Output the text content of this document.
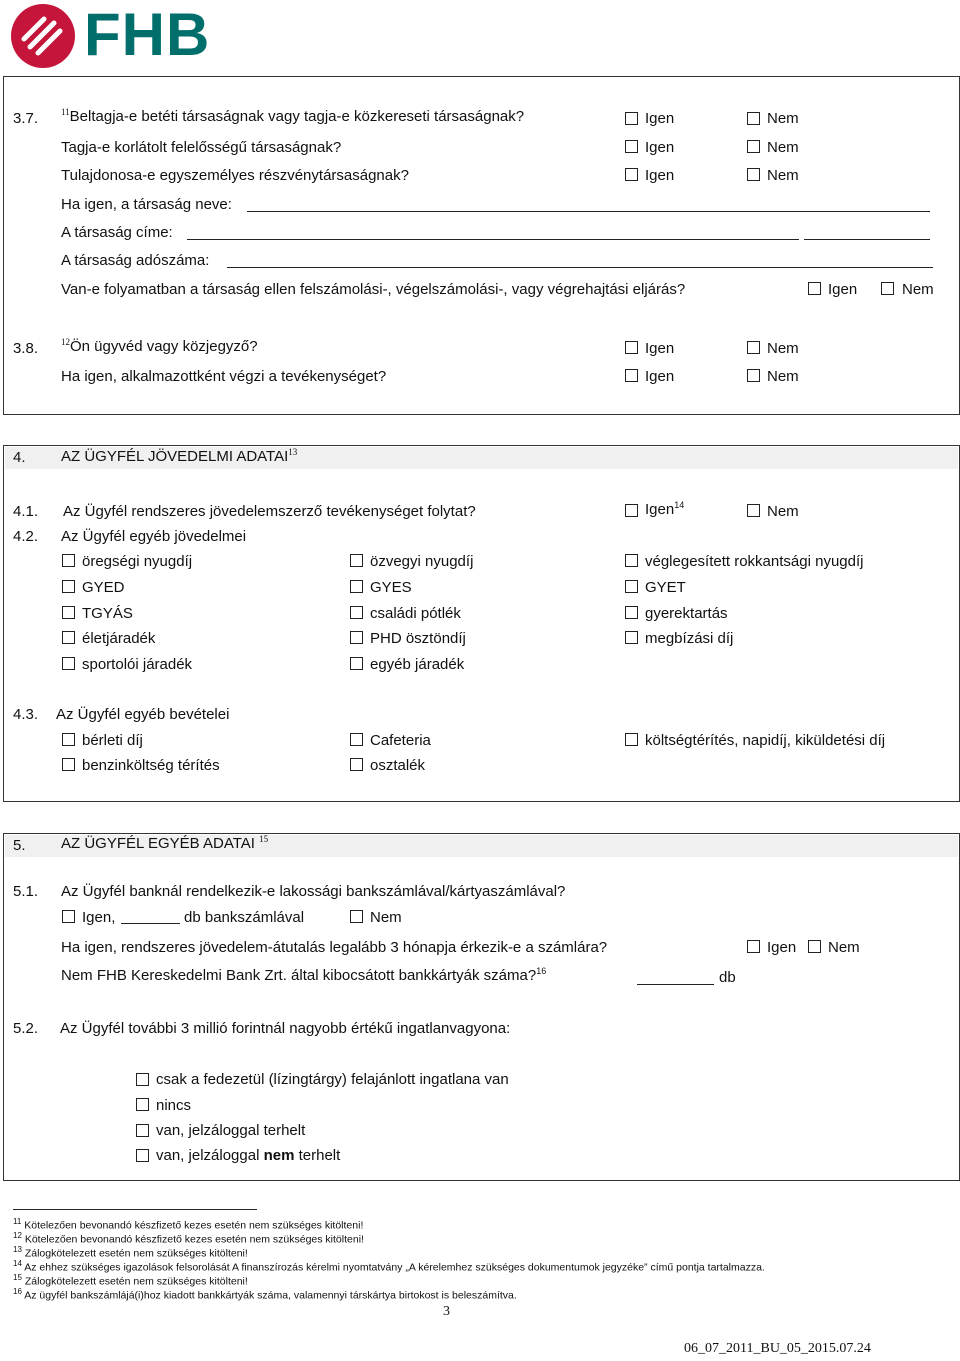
FHB
3.7.	$^{11}$Beltagja-e betéti társaságnak vagy tagja-e közkereseti társaságnak?	Igen	Nem
Tagja-e korlátolt felelősségű társaságnak?	Igen	Nem
Tulajdonosa-e egyszemélyes részvénytársaságnak?	Igen	Nem
Ha igen, a társaság neve:
A társaság címe:
A társaság adószáma:
Van-e folyamatban a társaság ellen felszámolási-, végelszámolási-, vagy végrehajtási eljárás?	Igen	Nem
3.8.	$^{12}$Ön ügyvéd vagy közjegyző?	Igen	Nem
Ha igen, alkalmazottként végzi a tevékenységet?	Igen	Nem
4. AZ ÜGYFÉL JÖVEDELMI ADATAI$^{13}$
4.1. Az Ügyfél rendszeres jövedelemszerző tevékenységet folytat?	Igen$^{14}$	Nem
4.2. Az Ügyfél egyéb jövedelmei
öregségi nyugdíj	özvegyi nyugdíj	véglegesített rokkantsági nyugdíj
GYED	GYES	GYET
TGYÁS	családi pótlék	gyerektartás
életjáradék	PHD ösztöndíj	megbízási díj
sportolói járadék	egyéb járadék
4.3. Az Ügyfél egyéb bevételei
bérleti díj	Cafeteria	költségtérítés, napidíj, kiküldetési díj
benzinköltség térítés	osztalék
5. AZ ÜGYFÉL EGYÉB ADATAI $^{15}$
5.1. Az Ügyfél banknál rendelkezik-e lakossági bankszámlával/kártyaszámlával?
Igen,	db bankszámlával	Nem
Ha igen, rendszeres jövedelem-átutalás legalább 3 hónapja érkezik-e a számlára?	Igen Nem
Nem FHB Kereskedelmi Bank Zrt. által kibocsátott bankkártyák száma?$^{16}$	db
5.2. Az Ügyfél további 3 millió forintnál nagyobb értékű ingatlanvagyona:
csak a fedezetül (lízingtárgy) felajánlott ingatlana van
nincs
van, jelzáloggal terhelt
van, jelzáloggal nem terhelt
$^{11}$ Kötelezően bevonandó készfizető kezes esetén nem szükséges kitölteni!
$^{12}$ Kötelezően bevonandó készfizető kezes esetén nem szükséges kitölteni!
$^{13}$ Zálogkötelezett esetén nem szükséges kitölteni!
$^{14}$ Az ehhez szükséges igazolások felsorolását A finanszírozás kérelmi nyomtatvány „A kérelemhez szükséges dokumentumok jegyzéke” című pontja tartalmazza.
$^{15}$ Zálogkötelezett esetén nem szükséges kitölteni!
$^{16}$ Az ügyfél bankszámlájá(i)hoz kiadott bankkártyák száma, valamennyi társkártya birtokost is beleszámítva.
3
06_07_2011_BU_05_2015.07.24
